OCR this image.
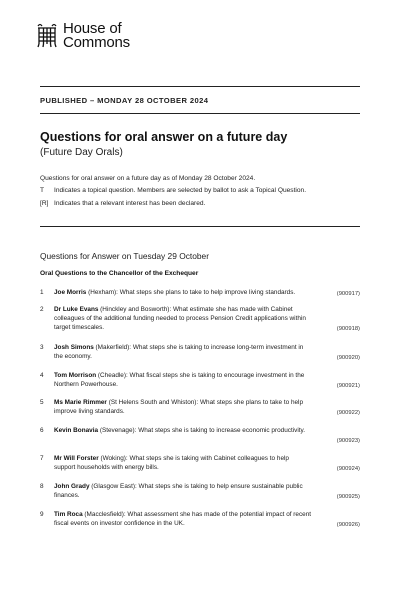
House of
Commons
PUBLISHED – MONDAY 28 OCTOBER 2024
Questions for oral answer on a future day
(Future Day Orals)
Questions for oral answer on a future day as of Monday 28 October 2024.
T	Indicates a topical question. Members are selected by ballot to ask a Topical Question.
[R] Indicates that a relevant interest has been declared.
Questions for Answer on Tuesday 29 October
Oral Questions to the Chancellor of the Exchequer
1	Joe Morris (Hexham): What steps she plans to take to help improve living standards.	(900917)
2	Dr Luke Evans (Hinckley and Bosworth): What estimate she has made with Cabinet
colleagues of the additional funding needed to process Pension Credit applications within
target timescales.	(900918)
3	Josh Simons (Makerfield): What steps she is taking to increase long-term investment in
the economy.	(900920)
4	Tom Morrison (Cheadle): What fiscal steps she is taking to encourage investment in the
Northern Powerhouse.	(900921)
5	Ms Marie Rimmer (St Helens South and Whiston): What steps she plans to take to help
improve living standards.	(900922)
6	Kevin Bonavia (Stevenage): What steps she is taking to increase economic productivity.
(900923)
7	Mr Will Forster (Woking): What steps she is taking with Cabinet colleagues to help
support households with energy bills.	(900924)
8	John Grady (Glasgow East): What steps she is taking to help ensure sustainable public
finances.	(900925)
9	Tim Roca (Macclesfield): What assessment she has made of the potential impact of recent
fiscal events on investor confidence in the UK.	(900926)
